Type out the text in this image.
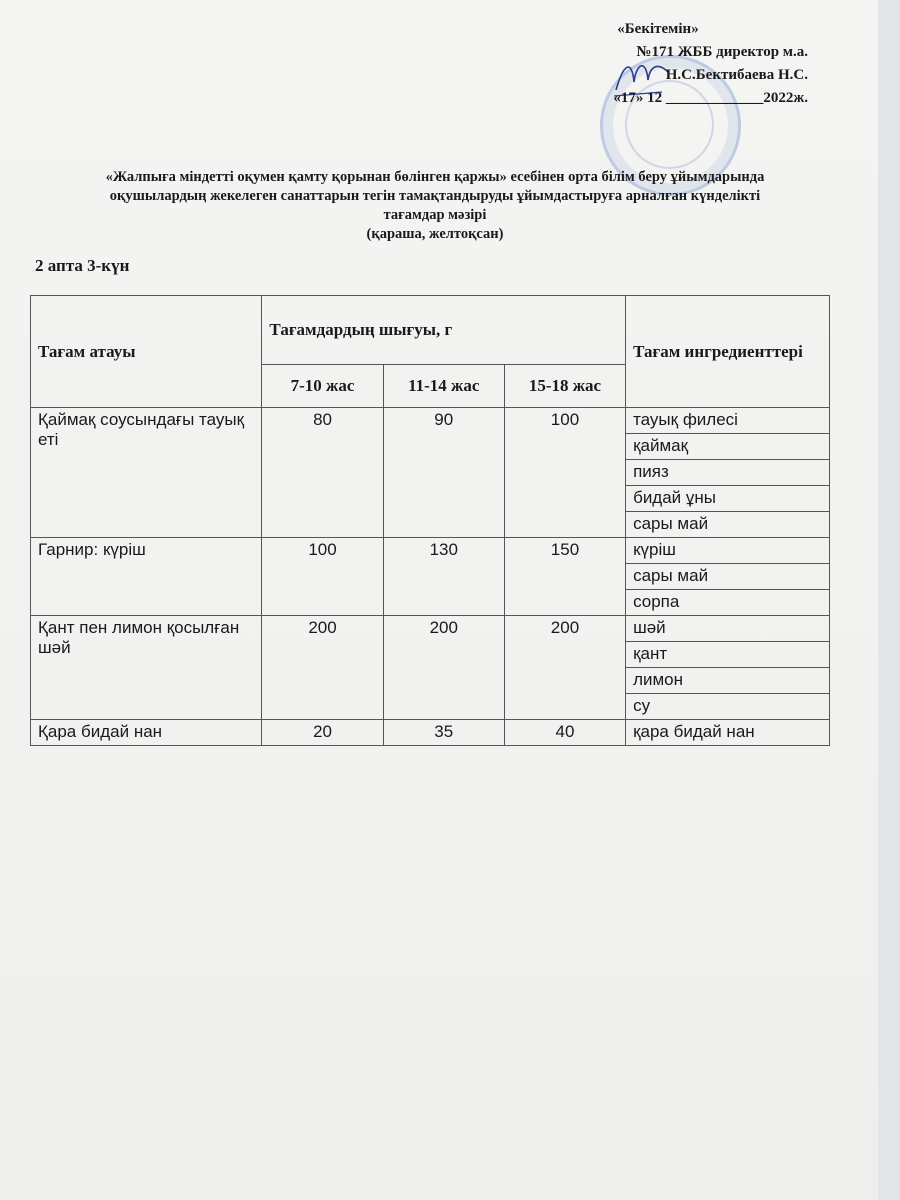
«Бекітемін»
№171 ЖББ директор м.а.
Н.С.Бектибаева Н.С.
«17» 12 _____________2022ж.
«Жалпыға міндетті оқумен қамту қорынан бөлінген қаржы» есебінен орта білім беру ұйымдарында
оқушылардың жекелеген санаттарын тегін тамақтандыруды ұйымдастыруға арналған күнделікті
тағамдар мәзірі
(қараша, желтоқсан)
2 апта 3-күн
Тағам атауы	Тағамдардың шығуы, г			Тағам ингредиенттері
	7-10 жас	11-14 жас	15-18 жас	
Қаймақ соусындағы тауық еті	80	90	100	тауық филесі
				қаймақ
				пияз
				бидай ұны
				сары май
Гарнир: күріш	100	130	150	күріш
				сары май
				сорпа
Қант пен лимон қосылған шәй	200	200	200	шәй
				қант
				лимон
				су
Қара бидай нан	20	35	40	қара бидай нан
